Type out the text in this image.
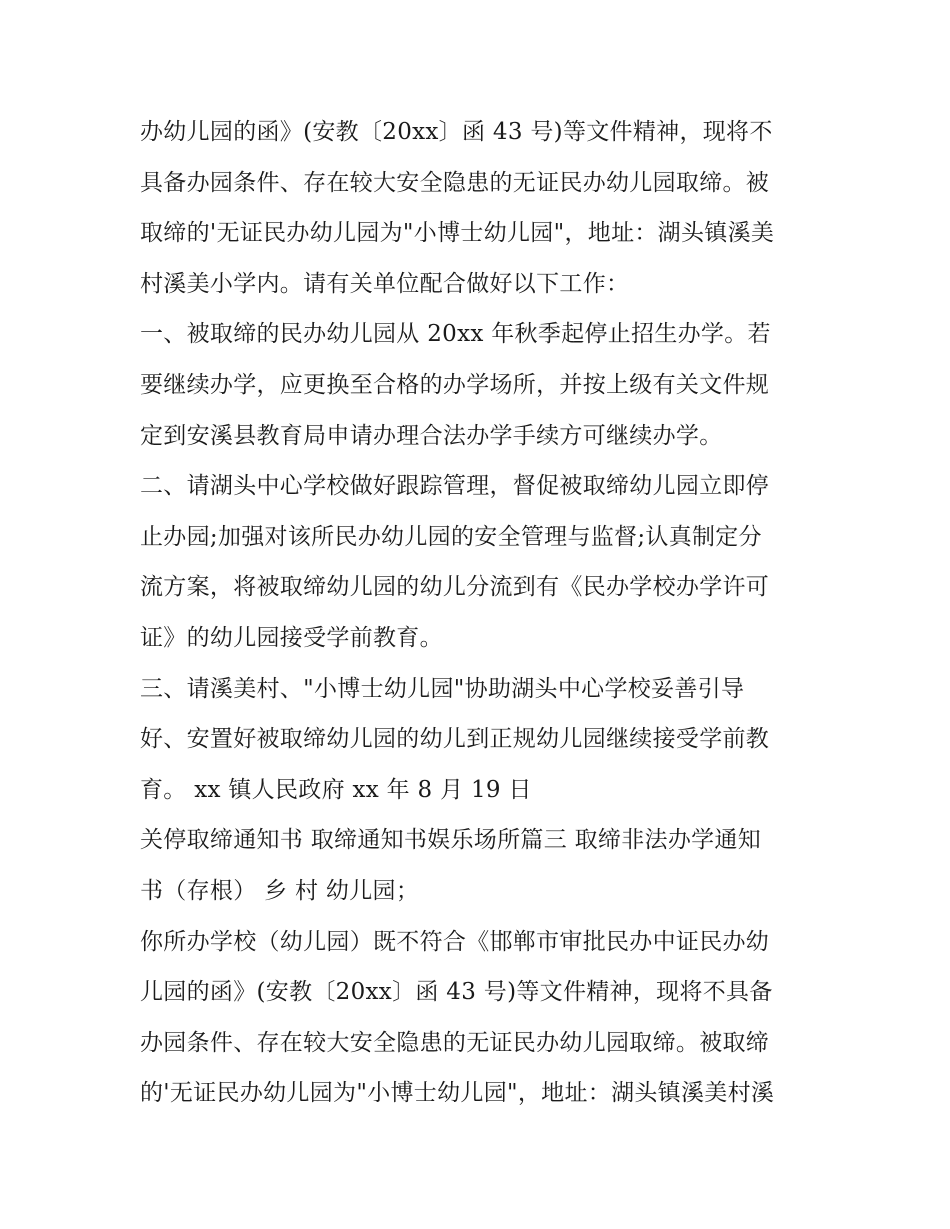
办幼儿园的函》(安教〔20xx〕函 43 号)等文件精神，现将不
具备办园条件、存在较大安全隐患的无证民办幼儿园取缔。被
取缔的'无证民办幼儿园为"小博士幼儿园"，地址：湖头镇溪美
村溪美小学内。请有关单位配合做好以下工作：
一、被取缔的民办幼儿园从 20xx 年秋季起停止招生办学。若
要继续办学，应更换至合格的办学场所，并按上级有关文件规
定到安溪县教育局申请办理合法办学手续方可继续办学。
二、请湖头中心学校做好跟踪管理，督促被取缔幼儿园立即停
止办园;加强对该所民办幼儿园的安全管理与监督;认真制定分
流方案，将被取缔幼儿园的幼儿分流到有《民办学校办学许可
证》的幼儿园接受学前教育。
三、请溪美村、"小博士幼儿园"协助湖头中心学校妥善引导
好、安置好被取缔幼儿园的幼儿到正规幼儿园继续接受学前教
育。 xx 镇人民政府 xx 年 8 月 19 日
关停取缔通知书 取缔通知书娱乐场所篇三 取缔非法办学通知
书（存根） 乡 村 幼儿园；
你所办学校（幼儿园）既不符合《邯郸市审批民办中证民办幼
儿园的函》(安教〔20xx〕函 43 号)等文件精神，现将不具备
办园条件、存在较大安全隐患的无证民办幼儿园取缔。被取缔
的'无证民办幼儿园为"小博士幼儿园"，地址：湖头镇溪美村溪
